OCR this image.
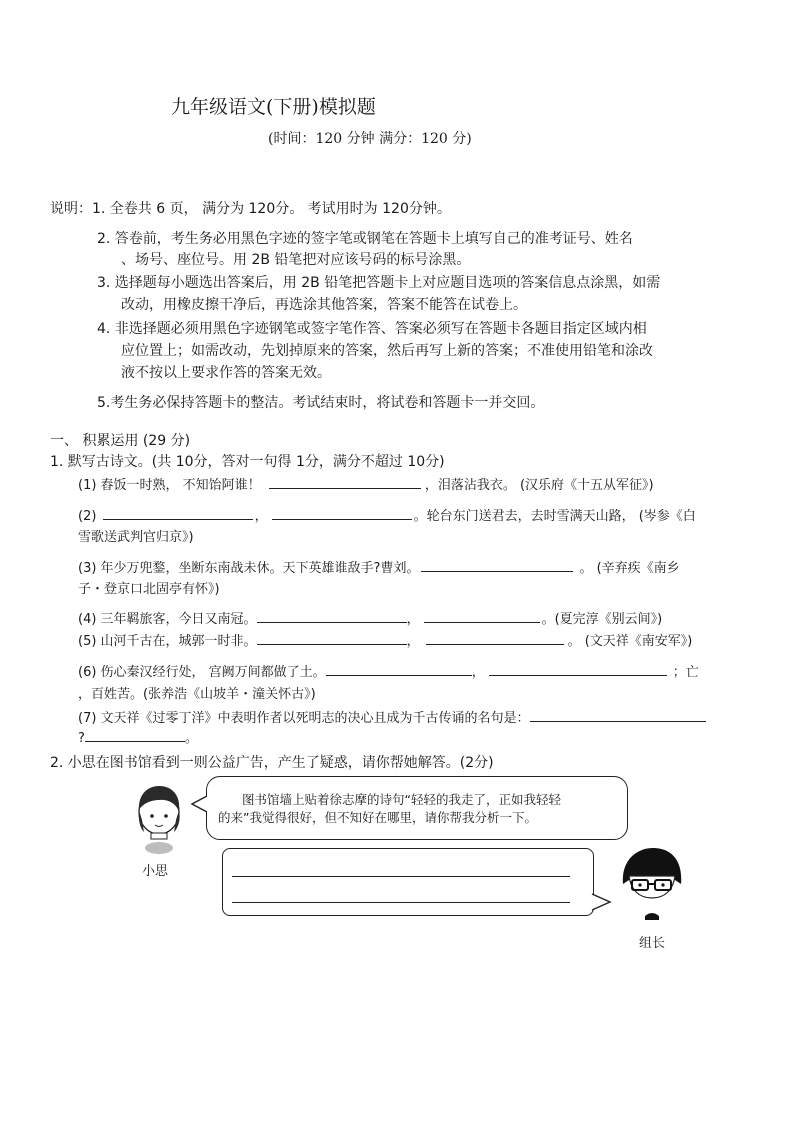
九年级语文(下册)模拟题
(时间：120 分钟 满分：120 分)
说明：1. 全卷共 6 页， 满分为 120分。 考试用时为 120分钟。
2. 答卷前，考生务必用黑色字迹的签字笔或钢笔在答题卡上填写自己的准考证号、姓名
、场号、座位号。用 2B 铅笔把对应该号码的标号涂黑。
3. 选择题每小题选出答案后，用 2B 铅笔把答题卡上对应题目选项的答案信息点涂黑，如需
改动，用橡皮擦干净后，再选涂其他答案，答案不能答在试卷上。
4. 非选择题必须用黑色字迹钢笔或签字笔作答、答案必须写在答题卡各题目指定区域内相
应位置上；如需改动，先划掉原来的答案，然后再写上新的答案；不准使用铅笔和涂改
液不按以上要求作答的答案无效。
5.考生务必保持答题卡的整洁。考试结束时，将试卷和答题卡一并交回。
一、 积累运用 (29 分)
1. 默写古诗文。(共 10分，答对一句得 1分，满分不超过 10分)
(1) 舂饭一时熟， 不知饴阿谁！	，泪落沾我衣。 (汉乐府《十五从军征》)
(2)	，	。轮台东门送君去，去时雪满天山路， (岑参《白
雪歌送武判官归京》)
(3) 年少万兜鍪，坐断东南战未休。天下英雄谁敌手?曹刘。	。 (辛弃疾《南乡
子・登京口北固亭有怀》)
(4) 三年羁旅客，今日又南冠。	，	。(夏完淳《别云间》)
(5) 山河千古在，城郭一时非。	，	。 (文天祥《南安军》)
(6) 伤心秦汉经行处， 宫阙万间都做了土。	，	；亡
，百姓苦。(张养浩《山坡羊・潼关怀古》)
(7) 文天祥《过零丁洋》中表明作者以死明志的决心且成为千古传诵的名句是：
?	。
2. 小思在图书馆看到一则公益广告，产生了疑惑，请你帮她解答。(2分)
小思
图书馆墙上贴着徐志摩的诗句“轻轻的我走了，正如我轻轻
的来”我觉得很好，但不知好在哪里，请你帮我分析一下。
组长
